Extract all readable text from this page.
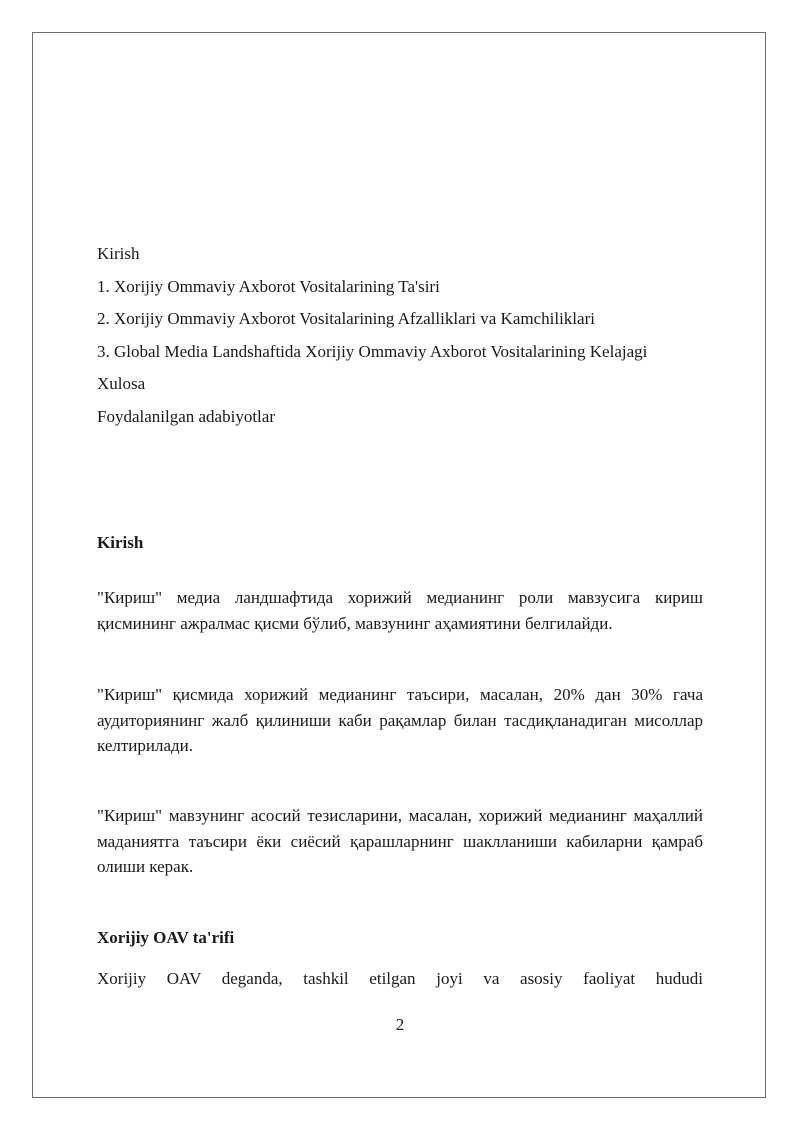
Kirish

1. Xorijiy Ommaviy Axborot Vositalarining Ta'siri

2. Xorijiy Ommaviy Axborot Vositalarining Afzalliklari va Kamchiliklari

3. Global Media Landshaftida Xorijiy Ommaviy Axborot Vositalarining Kelajagi

Xulosa

Foydalanilgan adabiyotlar

Kirish

"Кириш" медиа ландшафтида хорижий медианинг роли мавзусига кириш қисмининг ажралмас қисми бўлиб, мавзунинг аҳамиятини белгилайди.

"Кириш" қисмида хорижий медианинг таъсири, масалан, 20% дан 30% гача аудиториянинг жалб қилиниши каби рақамлар билан тасдиқланадиган мисоллар келтирилади.

"Кириш" мавзунинг асосий тезисларини, масалан, хорижий медианинг маҳаллий маданиятга таъсири ёки сиёсий қарашларнинг шаклланиши кабиларни қамраб олиши керак.

Xorijiy OAV ta'rifi

Xorijiy OAV deganda, tashkil etilgan joyi va asosiy faoliyat hududi

2
